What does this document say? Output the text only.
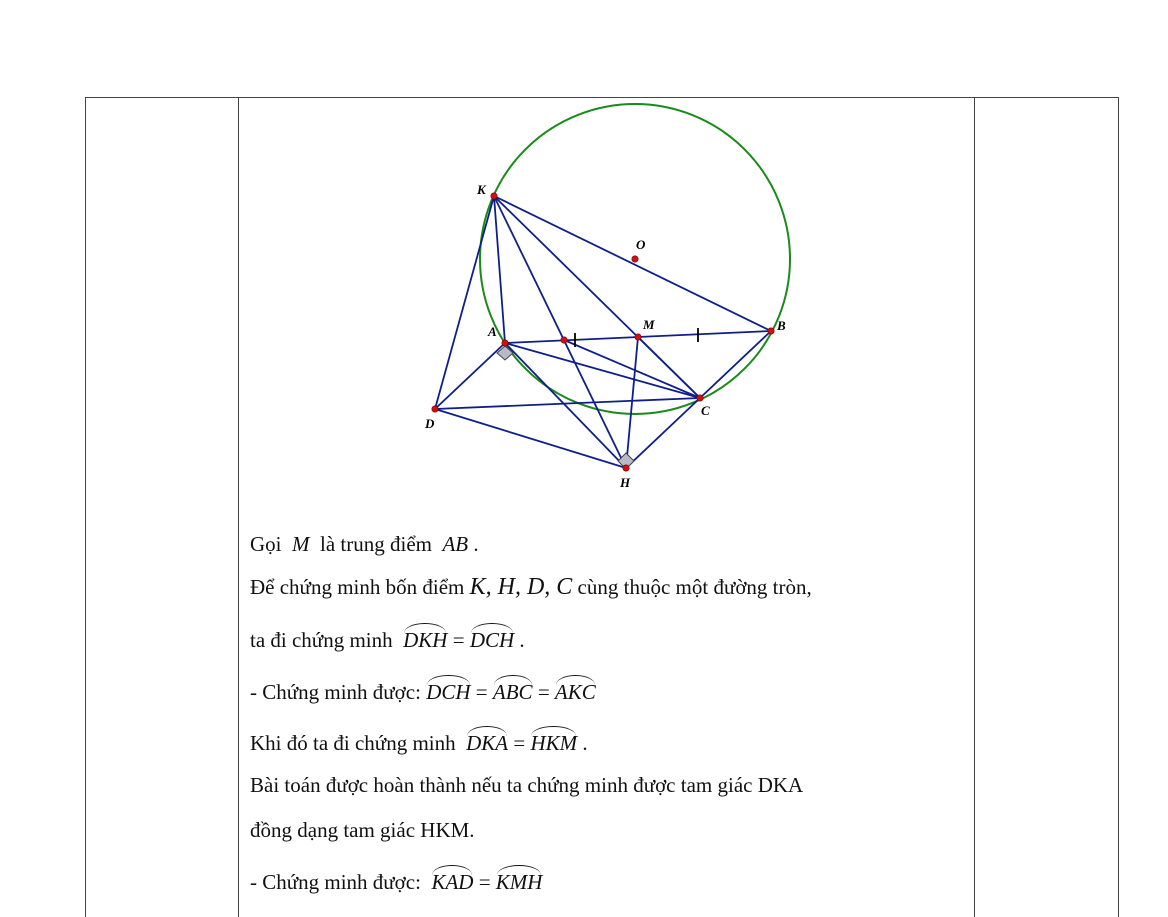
K
O
A	M	B
C
D
H
Gọi M là trung điểm AB .
Để chứng minh bốn điểm K, H, D, C cùng thuộc một đường tròn,
ta đi chứng minh DKH = DCH .
- Chứng minh được: DCH = ABC = AKC
Khi đó ta đi chứng minh DKA = HKM .
Bài toán được hoàn thành nếu ta chứng minh được tam giác DKA
đồng dạng tam giác HKM.
- Chứng minh được: KAD = KMH
